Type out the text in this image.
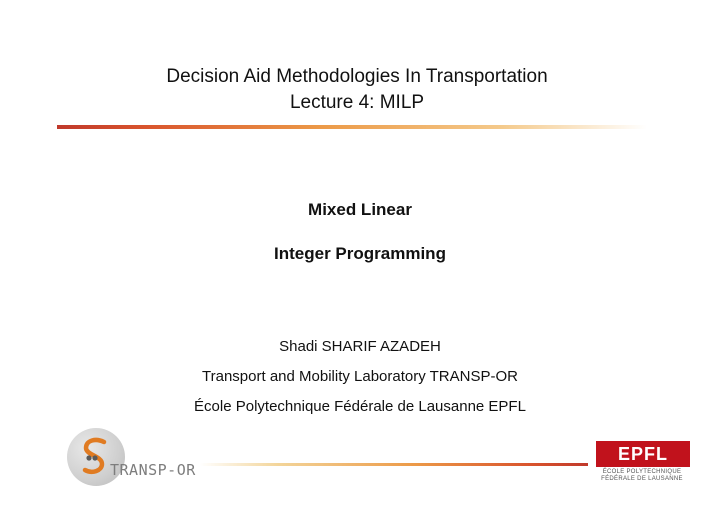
Decision Aid Methodologies In Transportation
Lecture 4: MILP
Mixed Linear
Integer Programming
Shadi SHARIF AZADEH
Transport and Mobility Laboratory TRANSP-OR
École Polytechnique Fédérale de Lausanne EPFL
TRANSP-OR
EPFL
ÉCOLE POLYTECHNIQUE
FÉDÉRALE DE LAUSANNE
